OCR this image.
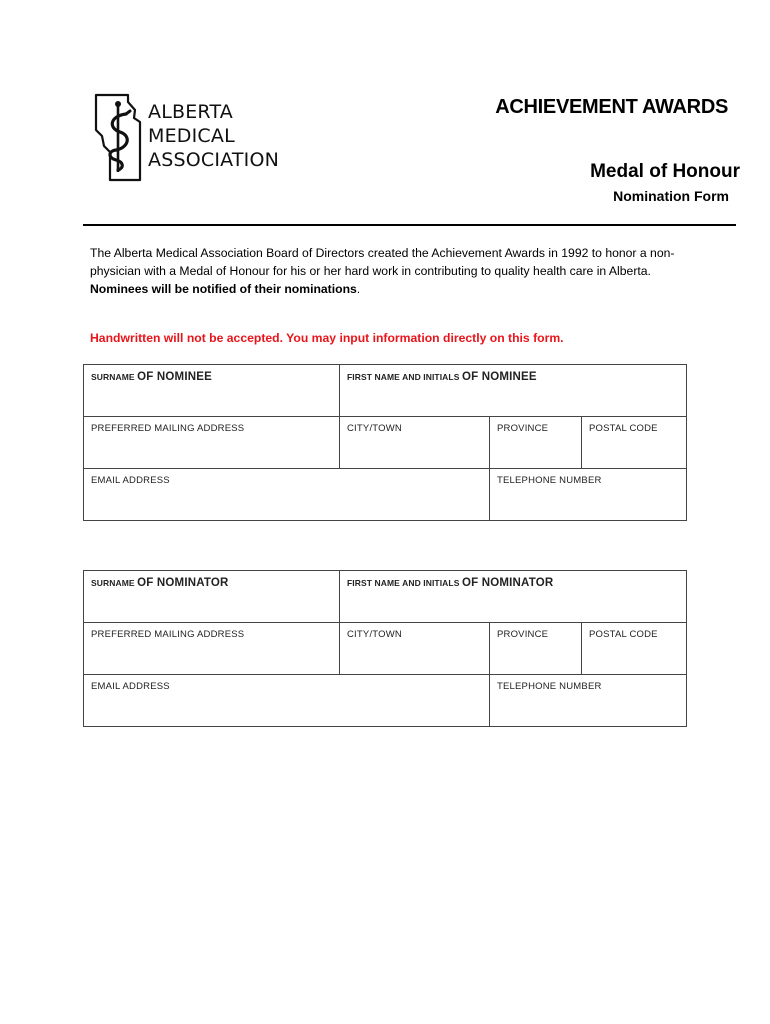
ALBERTA
MEDICAL
ASSOCIATION
ACHIEVEMENT AWARDS
Medal of Honour
Nomination Form
The Alberta Medical Association Board of Directors created the Achievement Awards in 1992 to honor a non-physician with a Medal of Honour for his or her hard work in contributing to quality health care in Alberta. Nominees will be notified of their nominations.
Handwritten will not be accepted. You may input information directly on this form.
SURNAME OF NOMINEE	FIRST NAME AND INITIALS OF NOMINEE		
PREFERRED MAILING ADDRESS	CITY/TOWN	PROVINCE	POSTAL CODE
EMAIL ADDRESS		TELEPHONE NUMBER	
SURNAME OF NOMINATOR	FIRST NAME AND INITIALS OF NOMINATOR		
PREFERRED MAILING ADDRESS	CITY/TOWN	PROVINCE	POSTAL CODE
EMAIL ADDRESS		TELEPHONE NUMBER	
